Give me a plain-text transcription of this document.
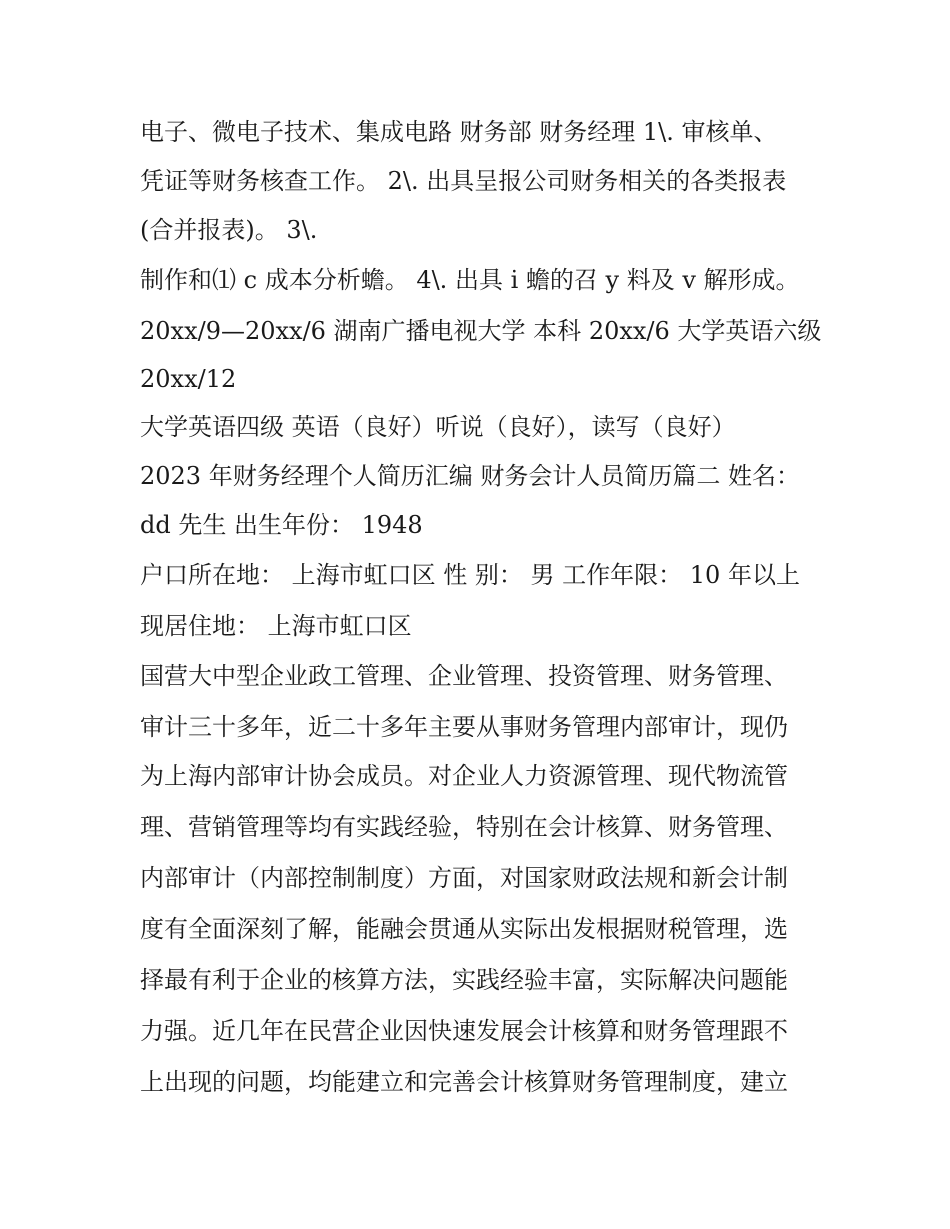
电子、微电子技术、集成电路 财务部 财务经理 1\. 审核单、
凭证等财务核查工作。 2\. 出具呈报公司财务相关的各类报表
(合并报表)。 3\.
制作和⑴ c 成本分析蟾。 4\. 出具 i 蟾的召 y 料及 v 解形成。
20xx/9—20xx/6 湖南广播电视大学 本科 20xx/6 大学英语六级
20xx/12
大学英语四级 英语（良好）听说（良好），读写（良好）
2023 年财务经理个人简历汇编 财务会计人员简历篇二 姓名：
dd 先生 出生年份： 1948
户口所在地： 上海市虹口区 性 别： 男 工作年限： 10 年以上
现居住地： 上海市虹口区
国营大中型企业政工管理、企业管理、投资管理、财务管理、
审计三十多年，近二十多年主要从事财务管理内部审计，现仍
为上海内部审计协会成员。对企业人力资源管理、现代物流管
理、营销管理等均有实践经验，特别在会计核算、财务管理、
内部审计（内部控制制度）方面，对国家财政法规和新会计制
度有全面深刻了解，能融会贯通从实际出发根据财税管理，选
择最有利于企业的核算方法，实践经验丰富，实际解决问题能
力强。近几年在民营企业因快速发展会计核算和财务管理跟不
上出现的问题，均能建立和完善会计核算财务管理制度，建立
